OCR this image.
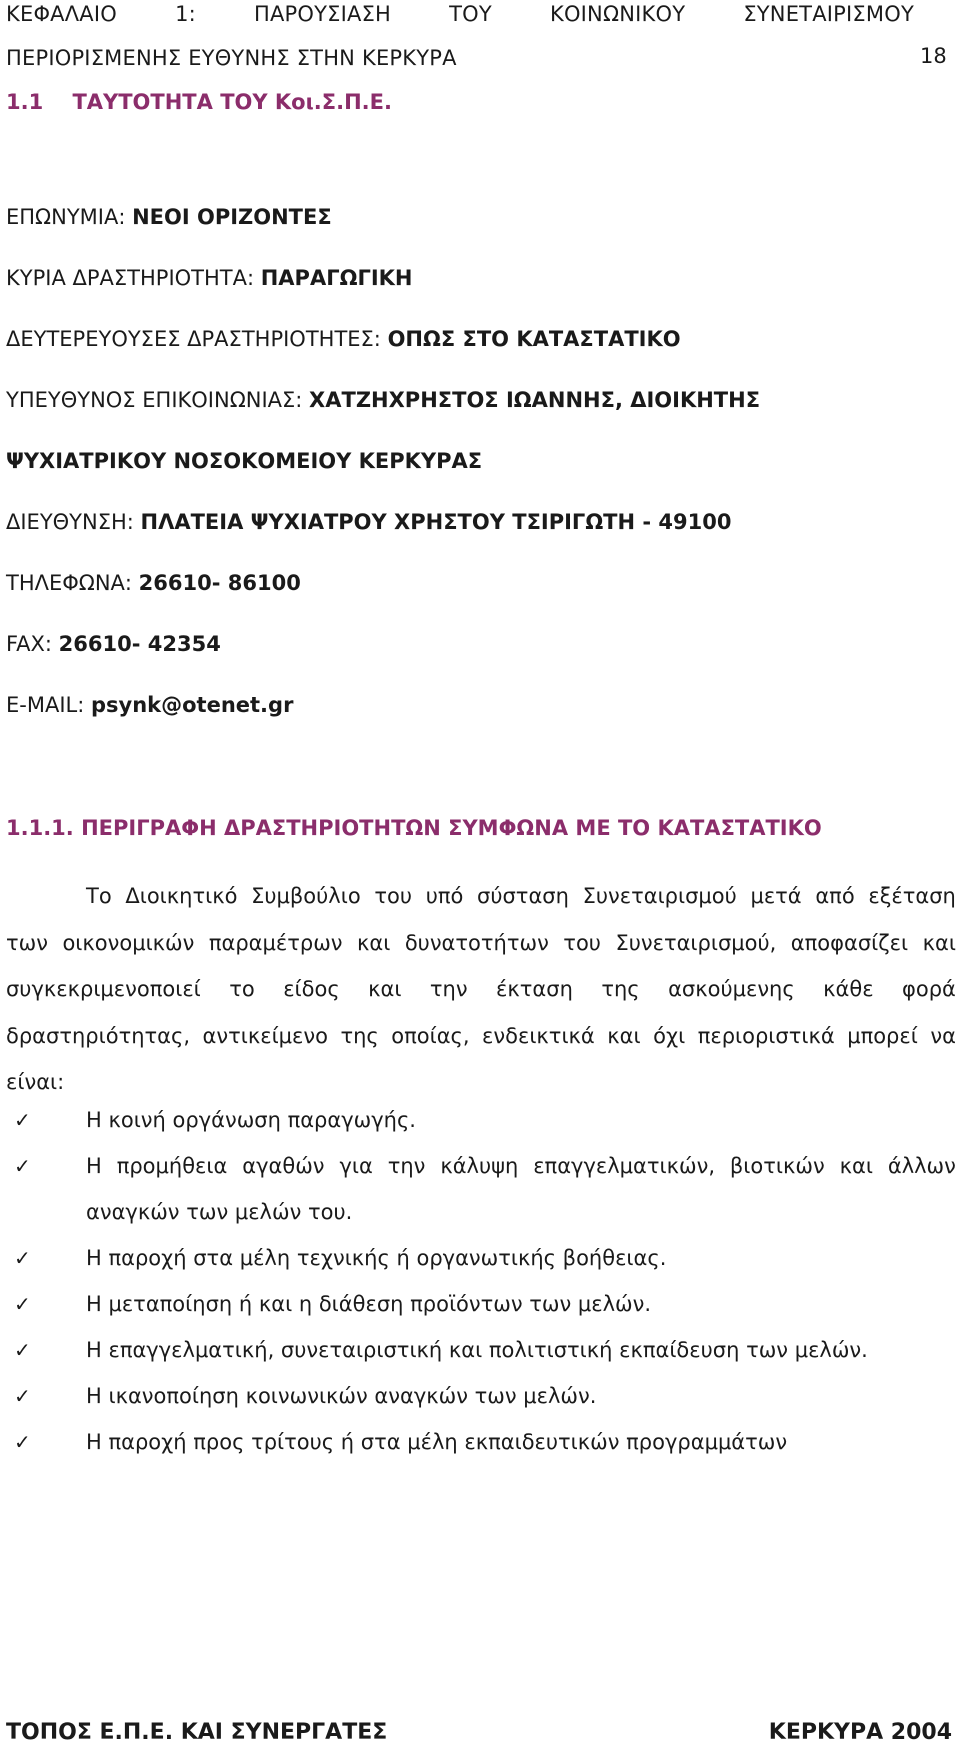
ΚΕΦΑΛΑΙΟ	1:	ΠΑΡΟΥΣΙΑΣΗ	ΤΟΥ	ΚΟΙΝΩΝΙΚΟΥ	ΣΥΝΕΤΑΙΡΙΣΜΟΥ
ΠΕΡΙΟΡΙΣΜΕΝΗΣ ΕΥΘΥΝΗΣ ΣΤΗΝ ΚΕΡΚΥΡΑ	18
1.1    ΤΑΥΤΟΤΗΤΑ ΤΟΥ Κοι.Σ.Π.Ε.
ΕΠΩΝΥΜΙΑ: ΝΕΟΙ ΟΡΙΖΟΝΤΕΣ
ΚΥΡΙΑ ΔΡΑΣΤΗΡΙΟΤΗΤΑ: ΠΑΡΑΓΩΓΙΚΗ
ΔΕΥΤΕΡΕΥΟΥΣΕΣ ΔΡΑΣΤΗΡΙΟΤΗΤΕΣ: ΟΠΩΣ ΣΤΟ ΚΑΤΑΣΤΑΤΙΚΟ
ΥΠΕΥΘΥΝΟΣ ΕΠΙΚΟΙΝΩΝΙΑΣ: ΧΑΤΖΗΧΡΗΣΤΟΣ ΙΩΑΝΝΗΣ, ΔΙΟΙΚΗΤΗΣ
ΨΥΧΙΑΤΡΙΚΟΥ ΝΟΣΟΚΟΜΕΙΟΥ ΚΕΡΚΥΡΑΣ
ΔΙΕΥΘΥΝΣΗ: ΠΛΑΤΕΙΑ ΨΥΧΙΑΤΡΟΥ ΧΡΗΣΤΟΥ ΤΣΙΡΙΓΩΤΗ - 49100
ΤΗΛΕΦΩΝΑ: 26610- 86100
FAX: 26610- 42354
E-MAIL: psynk@otenet.gr
1.1.1. ΠΕΡΙΓΡΑΦΗ ΔΡΑΣΤΗΡΙΟΤΗΤΩΝ ΣΥΜΦΩΝΑ ΜΕ ΤΟ ΚΑΤΑΣΤΑΤΙΚΟ
Το Διοικητικό Συμβούλιο του υπό σύσταση Συνεταιρισμού μετά από εξέταση
των οικονομικών παραμέτρων και δυνατοτήτων του Συνεταιρισμού, αποφασίζει και
συγκεκριμενοποιεί το είδος και την έκταση της ασκούμενης κάθε φορά
δραστηριότητας, αντικείμενο της οποίας, ενδεικτικά και όχι περιοριστικά μπορεί να
είναι:
✓	Η κοινή οργάνωση παραγωγής.
✓	Η προμήθεια αγαθών για την κάλυψη επαγγελματικών, βιοτικών και άλλων
αναγκών των μελών του.
✓	Η παροχή στα μέλη τεχνικής ή οργανωτικής βοήθειας.
✓	Η μεταποίηση ή και η διάθεση προϊόντων των μελών.
✓	Η επαγγελματική, συνεταιριστική και πολιτιστική εκπαίδευση των μελών.
✓	Η ικανοποίηση κοινωνικών αναγκών των μελών.
✓	Η παροχή προς τρίτους ή στα μέλη εκπαιδευτικών προγραμμάτων
ΤΟΠΟΣ Ε.Π.Ε. ΚΑΙ ΣΥΝΕΡΓΑΤΕΣ	ΚΕΡΚΥΡΑ 2004
